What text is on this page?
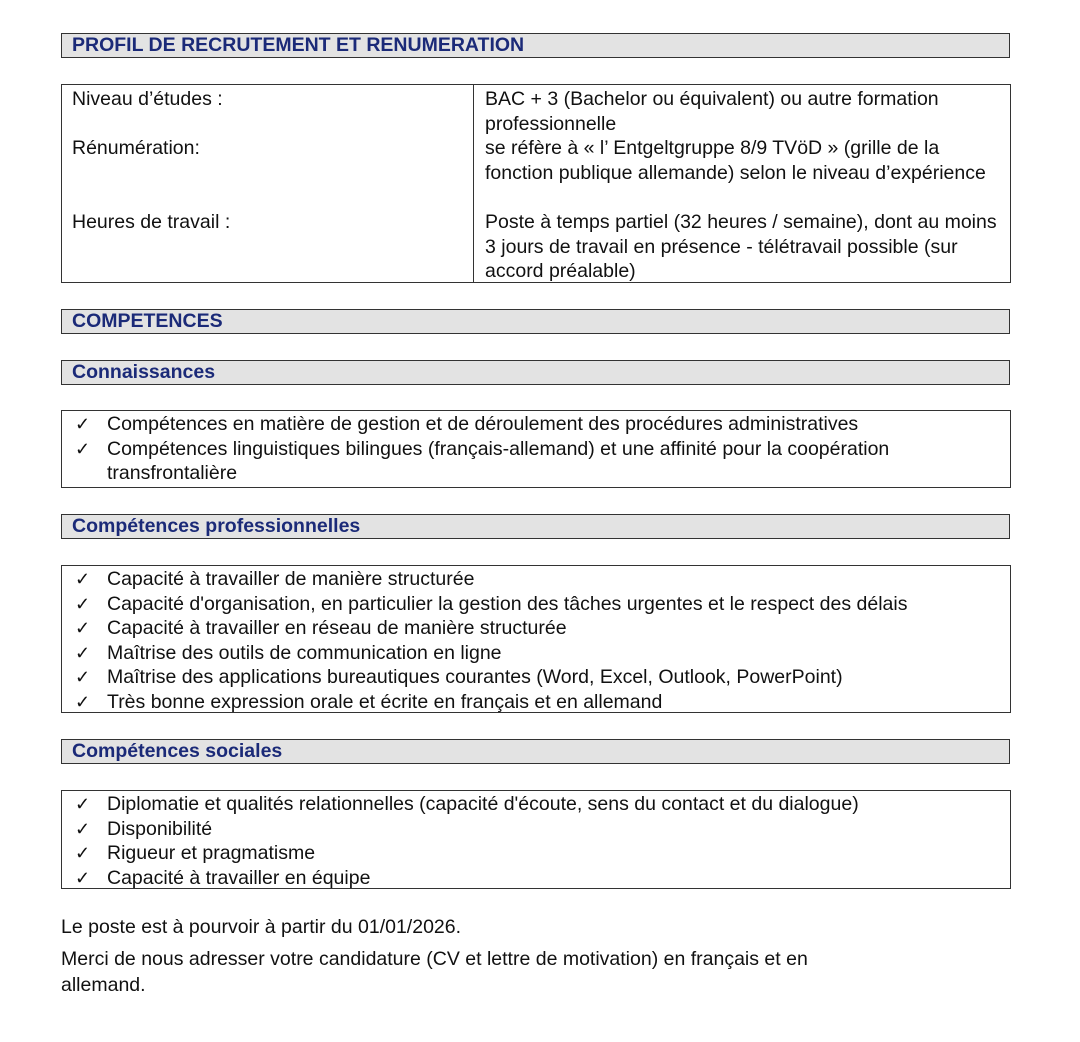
PROFIL DE RECRUTEMENT ET RENUMERATION
Niveau d’études :
Rénumération:
Heures de travail :
BAC + 3 (Bachelor ou équivalent) ou autre formation professionnelle
se réfère à « l’ Entgeltgruppe 8/9 TVöD » (grille de la fonction publique allemande) selon le niveau d’expérience
Poste à temps partiel (32 heures / semaine), dont au moins 3 jours de travail en présence - télétravail possible (sur accord préalable)
COMPETENCES
Connaissances
✓ Compétences en matière de gestion et de déroulement des procédures administratives
✓ Compétences linguistiques bilingues (français-allemand) et une affinité pour la coopération transfrontalière
Compétences professionnelles
✓ Capacité à travailler de manière structurée
✓ Capacité d'organisation, en particulier la gestion des tâches urgentes et le respect des délais
✓ Capacité à travailler en réseau de manière structurée
✓ Maîtrise des outils de communication en ligne
✓ Maîtrise des applications bureautiques courantes (Word, Excel, Outlook, PowerPoint)
✓ Très bonne expression orale et écrite en français et en allemand
Compétences sociales
✓ Diplomatie et qualités relationnelles (capacité d'écoute, sens du contact et du dialogue)
✓ Disponibilité
✓ Rigueur et pragmatisme
✓ Capacité à travailler en équipe

Le poste est à pourvoir à partir du 01/01/2026.

Merci de nous adresser votre candidature (CV et lettre de motivation) en français et en allemand.
